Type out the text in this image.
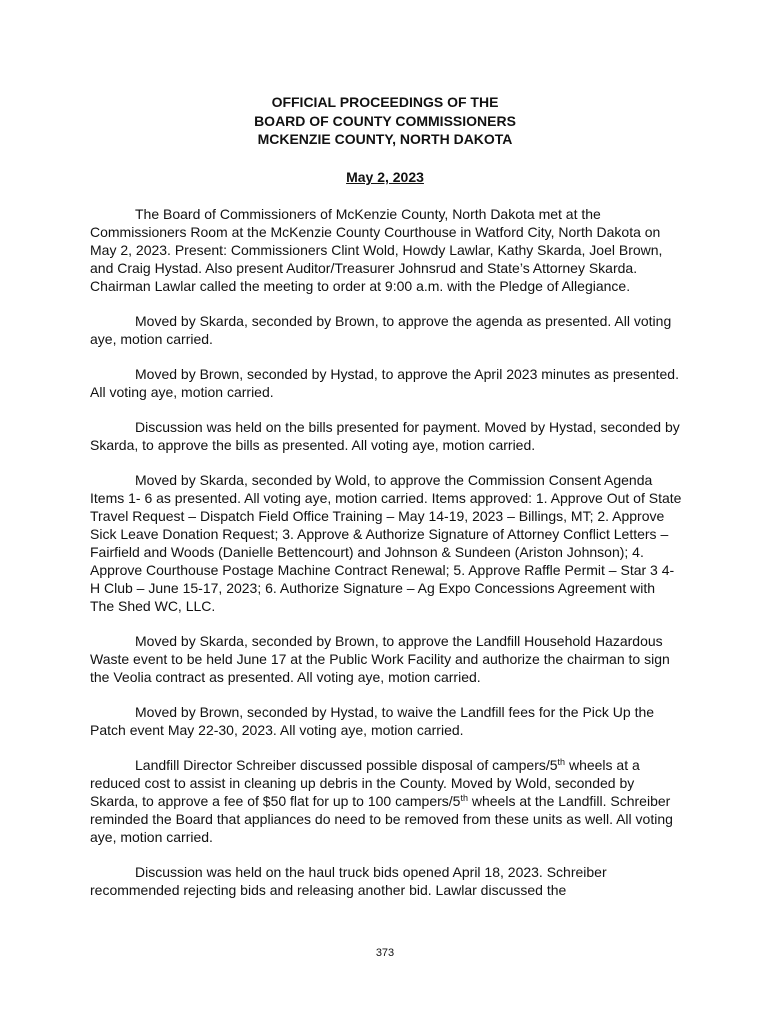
OFFICIAL PROCEEDINGS OF THE
BOARD OF COUNTY COMMISSIONERS
MCKENZIE COUNTY, NORTH DAKOTA
May 2, 2023

The Board of Commissioners of McKenzie County, North Dakota met at the Commissioners Room at the McKenzie County Courthouse in Watford City, North Dakota on May 2, 2023. Present: Commissioners Clint Wold, Howdy Lawlar, Kathy Skarda, Joel Brown, and Craig Hystad. Also present Auditor/Treasurer Johnsrud and State’s Attorney Skarda. Chairman Lawlar called the meeting to order at 9:00 a.m. with the Pledge of Allegiance.

Moved by Skarda, seconded by Brown, to approve the agenda as presented. All voting aye, motion carried.

Moved by Brown, seconded by Hystad, to approve the April 2023 minutes as presented. All voting aye, motion carried.

Discussion was held on the bills presented for payment. Moved by Hystad, seconded by Skarda, to approve the bills as presented. All voting aye, motion carried.

Moved by Skarda, seconded by Wold, to approve the Commission Consent Agenda Items 1- 6 as presented. All voting aye, motion carried. Items approved: 1. Approve Out of State Travel Request – Dispatch Field Office Training – May 14-19, 2023 – Billings, MT; 2. Approve Sick Leave Donation Request; 3. Approve & Authorize Signature of Attorney Conflict Letters – Fairfield and Woods (Danielle Bettencourt) and Johnson & Sundeen (Ariston Johnson); 4. Approve Courthouse Postage Machine Contract Renewal; 5. Approve Raffle Permit – Star 3 4-H Club – June 15-17, 2023; 6. Authorize Signature – Ag Expo Concessions Agreement with The Shed WC, LLC.

Moved by Skarda, seconded by Brown, to approve the Landfill Household Hazardous Waste event to be held June 17 at the Public Work Facility and authorize the chairman to sign the Veolia contract as presented. All voting aye, motion carried.

Moved by Brown, seconded by Hystad, to waive the Landfill fees for the Pick Up the Patch event May 22-30, 2023. All voting aye, motion carried.

Landfill Director Schreiber discussed possible disposal of campers/5th wheels at a reduced cost to assist in cleaning up debris in the County. Moved by Wold, seconded by Skarda, to approve a fee of $50 flat for up to 100 campers/5th wheels at the Landfill. Schreiber reminded the Board that appliances do need to be removed from these units as well. All voting aye, motion carried.

Discussion was held on the haul truck bids opened April 18, 2023. Schreiber recommended rejecting bids and releasing another bid. Lawlar discussed the

373
